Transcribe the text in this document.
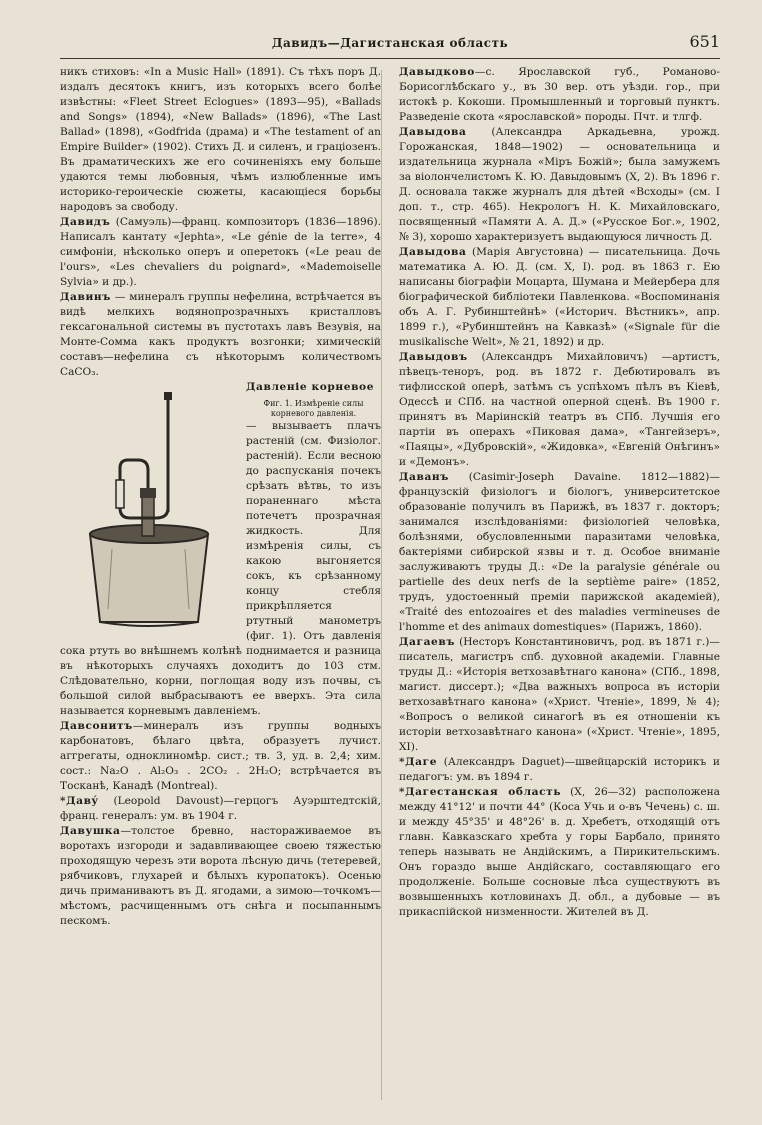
Давидъ—Дагистанская область	651

никъ стиховъ: «In a Music Hall» (1891). Съ тѣхъ поръ Д. издалъ десятокъ книгъ, изъ которыхъ всего болѣе извѣстны: «Fleet Street Eclogues» (1893—95), «Ballads and Songs» (1894), «New Ballads» (1896), «The Last Ballad» (1898), «Godfrida (драма) и «The testament of an Empire Builder» (1902). Стихъ Д. и силенъ, и граціозенъ. Въ драматическихъ же его сочиненіяхъ ему больше удаются темы любовныя, чѣмъ излюбленные имъ историко-героическіе сюжеты, касающіеся борьбы народовъ за свободу.

Давидъ (Самуэль)—франц. композиторъ (1836—1896). Написалъ кантату «Jephta», «Le génie de la terre», 4 симфоніи, нѣсколько оперъ и оперетокъ («Le peau de l'ours», «Les chevaliers du poignard», «Mademoiselle Sylvia» и др.).

Давинъ — минералъ группы нефелина, встрѣчается въ видѣ мелкихъ водянопрозрачныхъ кристалловъ гексагональной системы въ пустотахъ лавъ Везувія, на Монте-Сомма какъ продуктъ возгонки; химическій составъ—нефелина съ нѣкоторымъ количествомъ CaCO₃.

Давленіе корневое

Фиг. 1. Измѣреніе силы корневого давленія.
— вызываетъ плачъ растеній (см. Физіолог. растеній). Если весною до распусканія почекъ срѣзать вѣтвь, то изъ пораненнаго мѣста потечетъ прозрачная жидкость. Для измѣренія силы, съ какою выгоняется сокъ, къ срѣзанному концу стебля прикрѣпляется ртутный манометръ (фиг. 1). Отъ давленія сока ртуть во внѣшнемъ колѣнѣ поднимается и разница въ нѣкоторыхъ случаяхъ доходитъ до 103 стм. Слѣдовательно, корни, поглощая воду изъ почвы, съ большой силой выбрасываютъ ее вверхъ. Эта сила называется корневымъ давленіемъ.

Давсонитъ—минералъ изъ группы водныхъ карбонатовъ, бѣлаго цвѣта, образуетъ лучист. аггрегаты, одноклиномѣр. сист.; тв. 3, уд. в. 2,4; хим. сост.: Na₂O . Al₂O₃ . 2CO₂ . 2H₂O; встрѣчается въ Тосканѣ, Канадѣ (Montreal).

*Давý (Leopold Davoust)—герцогъ Ауэрштедтскій, франц. генералъ: ум. въ 1904 г.

Давушка—толстое бревно, настораживаемое въ воротахъ изгороди и задавливающее своею тяжестью проходящую черезъ эти ворота лѣсную дичь (тетеревей, рябчиковъ, глухарей и бѣлыхъ куропатокъ). Осенью дичь приманиваютъ въ Д. ягодами, а зимою—точкомъ—мѣстомъ, расчищеннымъ отъ снѣга и посыпаннымъ пескомъ.

Давыдково—с. Ярославской губ., Романово-Борисоглѣбскаго у., въ 30 вер. отъ уѣзди. гор., при истокѣ р. Кокоши. Промышленный и торговый пунктъ. Разведеніе скота «ярославской» породы. Пчт. и тлгф.

Давыдова (Александра Аркадьевна, урожд. Горожанская, 1848—1902) — основательница и издательница журнала «Міръ Божій»; была замужемъ за віолончелистомъ К. Ю. Давыдовымъ (X, 2). Въ 1896 г. Д. основала также журналъ для дѣтей «Всходы» (см. I доп. т., стр. 465). Некрологъ Н. К. Михайловскаго, посвященный «Памяти А. А. Д.» («Русское Бог.», 1902, № 3), хорошо характеризуетъ выдающуюся личность Д.

Давыдова (Марія Августовна) — писательница. Дочь математика А. Ю. Д. (см. X, I). род. въ 1863 г. Ею написаны біографіи Моцарта, Шумана и Мейербера для біографической библіотеки Павленкова. «Воспоминанія объ А. Г. Рубинштейнѣ» («Историч. Вѣстникъ», апр. 1899 г.), «Рубинштейнъ на Кавказѣ» («Signale für die musikalische Welt», № 21, 1892) и др.

Давыдовъ (Александръ Михайловичъ) —артистъ, пѣвецъ-теноръ, род. въ 1872 г. Дебютировалъ въ тифлисской оперѣ, затѣмъ съ успѣхомъ пѣлъ въ Кіевѣ, Одессѣ и СПб. на частной оперной сценѣ. Въ 1900 г. принятъ въ Маріинскій театръ въ СПб. Лучшія его партіи въ операхъ «Пиковая дама», «Тангейзеръ», «Паяцы», «Дубровскій», «Жидовка», «Евгеній Онѣгинъ» и «Демонъ».

Даванъ (Casimir-Joseph Davaine. 1812—1882)—французскій физіологъ и біологъ, университетское образованіе получилъ въ Парижѣ, въ 1837 г. докторъ; занимался изслѣдованіями: физіологіей человѣка, болѣзнями, обусловленными паразитами человѣка, бактеріями сибирской язвы и т. д. Особое вниманіе заслуживаютъ труды Д.: «De la paralysie générale ou partielle des deux nerfs de la septième paire» (1852, трудъ, удостоенный преміи парижской академіей), «Traité des entozoaires et des maladies vermineuses de l'homme et des animaux domestiques» (Парижъ, 1860).

Дагаевъ (Несторъ Константиновичъ, род. въ 1871 г.)—писатель, магистръ спб. духовной академіи. Главные труды Д.: «Исторія ветхозавѣтнаго канона» (СПб., 1898, магист. диссерт.); «Два важныхъ вопроса въ исторіи ветхозавѣтнаго канона» («Христ. Чтеніе», 1899, № 4); «Вопросъ о великой синагогѣ въ ея отношеніи къ исторіи ветхозавѣтнаго канона» («Христ. Чтеніе», 1895, XI).

*Даге (Александръ Daguet)—швейцарскій историкъ и педагогъ: ум. въ 1894 г.

*Дагестанская область (X, 26—32) расположена между 41°12' и почти 44° (Коса Учь и о-въ Чечень) с. ш. и между 45°35' и 48°26' в. д. Хребетъ, отходящій отъ главн. Кавказскаго хребта у горы Барбало, принято теперь называть не Андійскимъ, а Пирикительскимъ. Онъ гораздо выше Андійскаго, составляющаго его продолженіе. Больше сосновые лѣса существуютъ въ возвышенныхъ котловинахъ Д. обл., а дубовые — въ прикаспійской низменности. Жителей въ Д.
